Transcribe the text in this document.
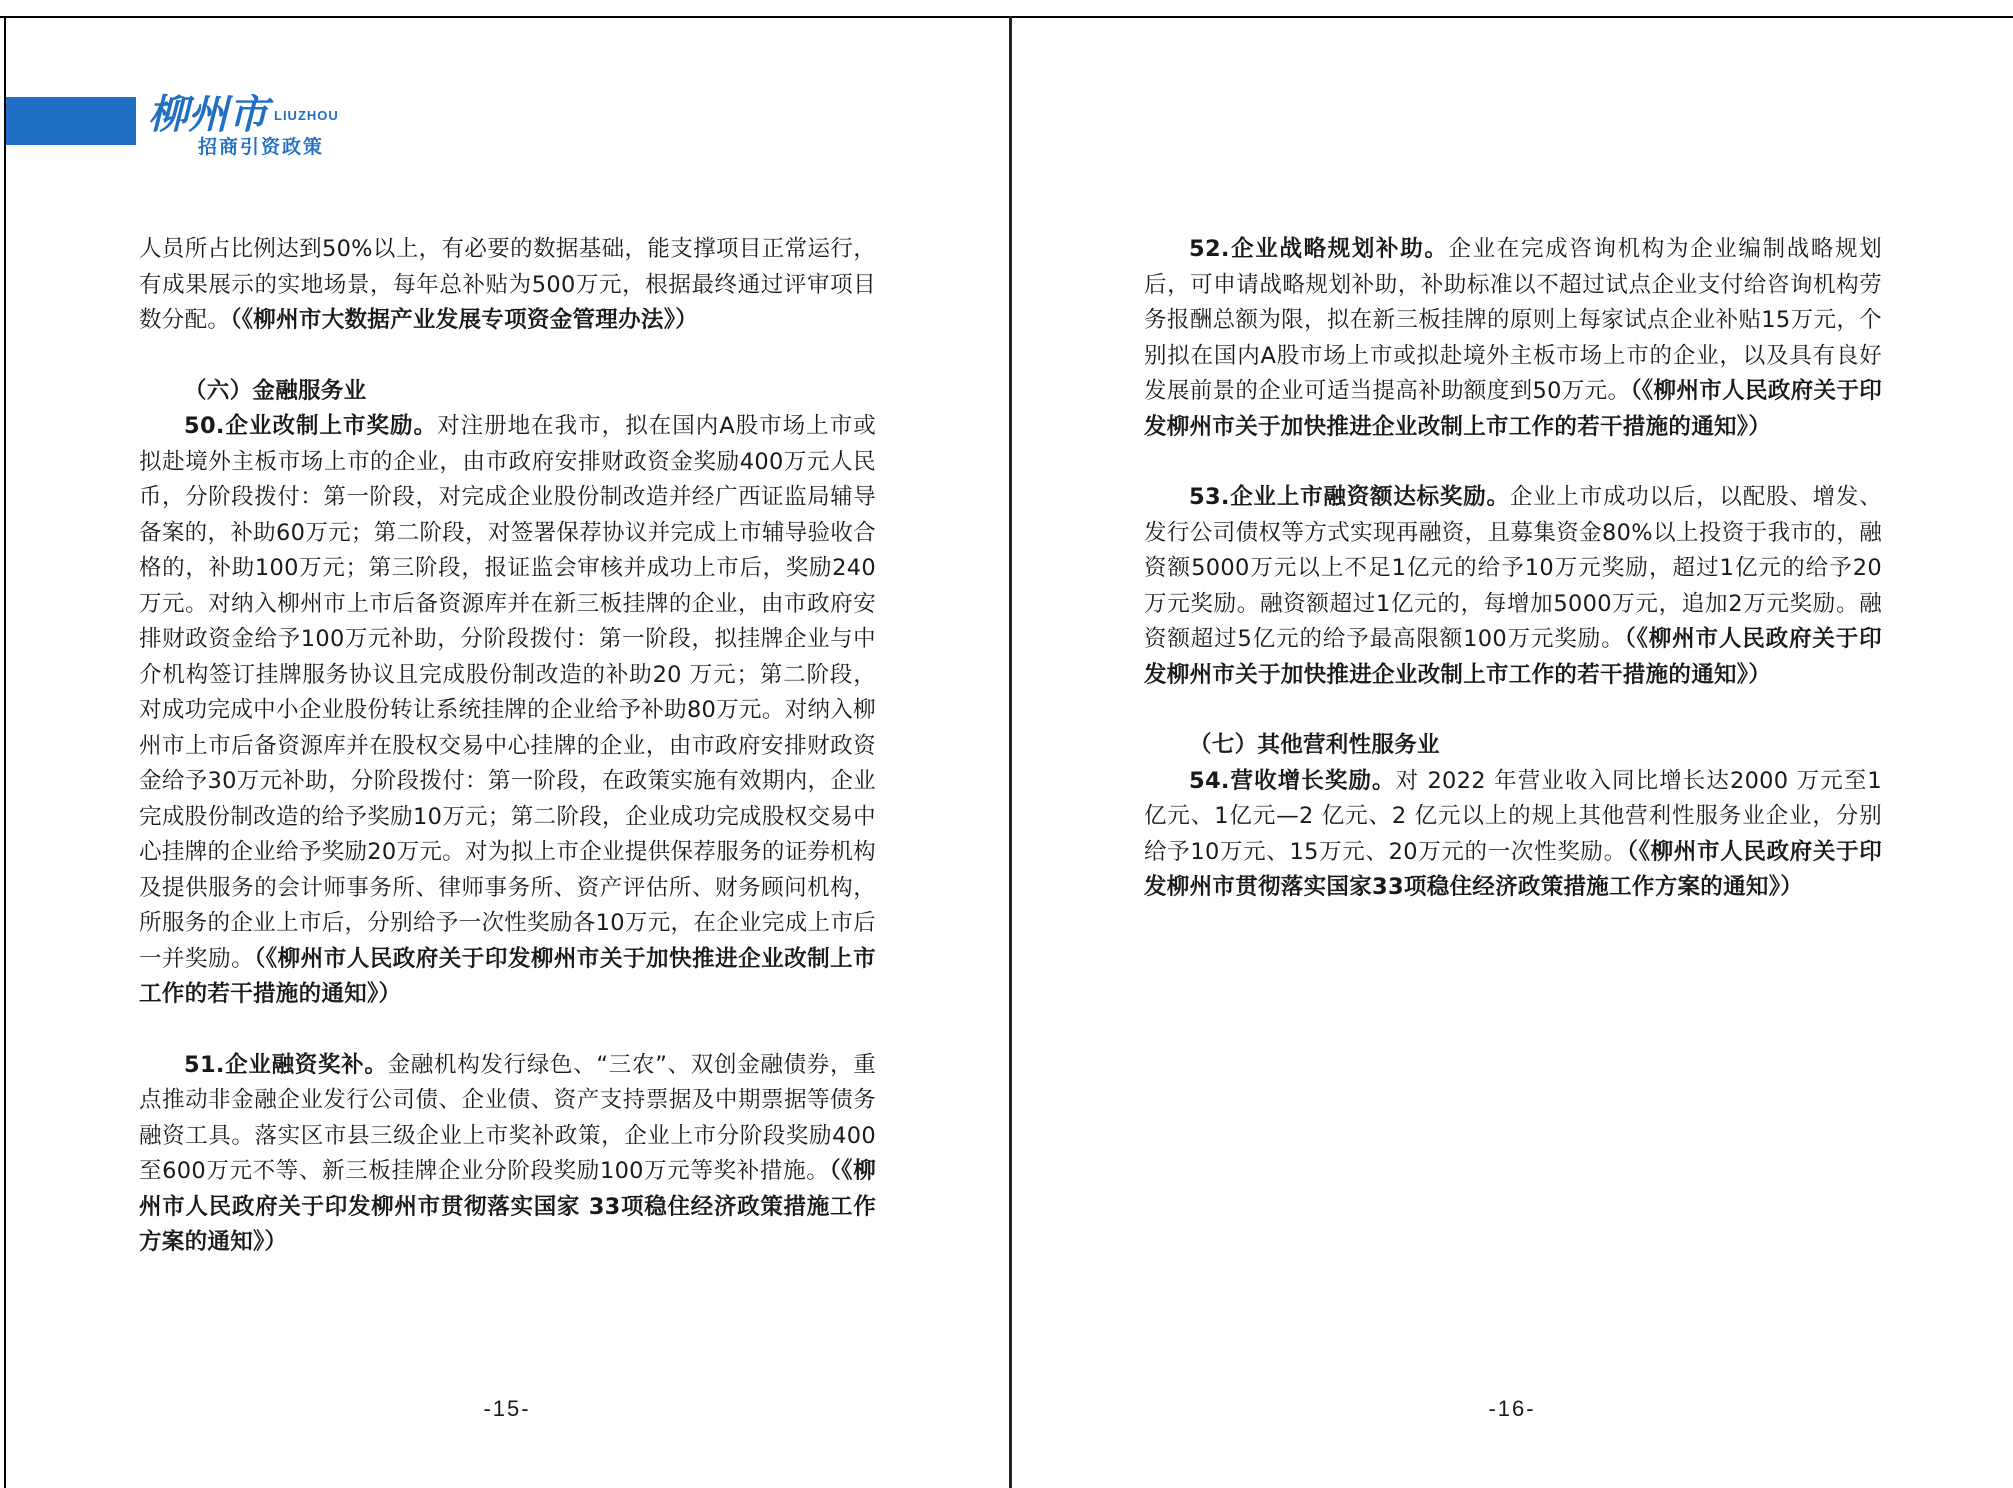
柳州市 LIUZHOU
招商引资政策

人员所占比例达到50%以上，有必要的数据基础，能支撑项目正常运行，有成果展示的实地场景，每年总补贴为500万元，根据最终通过评审项目数分配。（《柳州市大数据产业发展专项资金管理办法》）

（六）金融服务业

50.企业改制上市奖励。对注册地在我市，拟在国内A股市场上市或拟赴境外主板市场上市的企业，由市政府安排财政资金奖励400万元人民币，分阶段拨付：第一阶段，对完成企业股份制改造并经广西证监局辅导备案的，补助60万元；第二阶段，对签署保荐协议并完成上市辅导验收合格的，补助100万元；第三阶段，报证监会审核并成功上市后，奖励240万元。对纳入柳州市上市后备资源库并在新三板挂牌的企业，由市政府安排财政资金给予100万元补助，分阶段拨付：第一阶段，拟挂牌企业与中介机构签订挂牌服务协议且完成股份制改造的补助20 万元；第二阶段，对成功完成中小企业股份转让系统挂牌的企业给予补助80万元。对纳入柳州市上市后备资源库并在股权交易中心挂牌的企业，由市政府安排财政资金给予30万元补助，分阶段拨付：第一阶段，在政策实施有效期内，企业完成股份制改造的给予奖励10万元；第二阶段，企业成功完成股权交易中心挂牌的企业给予奖励20万元。对为拟上市企业提供保荐服务的证券机构及提供服务的会计师事务所、律师事务所、资产评估所、财务顾问机构，所服务的企业上市后，分别给予一次性奖励各10万元，在企业完成上市后一并奖励。（《柳州市人民政府关于印发柳州市关于加快推进企业改制上市工作的若干措施的通知》）

51.企业融资奖补。金融机构发行绿色、“三农”、双创金融债券，重点推动非金融企业发行公司债、企业债、资产支持票据及中期票据等债务融资工具。落实区市县三级企业上市奖补政策，企业上市分阶段奖励400至600万元不等、新三板挂牌企业分阶段奖励100万元等奖补措施。（《柳州市人民政府关于印发柳州市贯彻落实国家 33项稳住经济政策措施工作方案的通知》）

-15-

52.企业战略规划补助。企业在完成咨询机构为企业编制战略规划后，可申请战略规划补助，补助标准以不超过试点企业支付给咨询机构劳务报酬总额为限，拟在新三板挂牌的原则上每家试点企业补贴15万元，个别拟在国内A股市场上市或拟赴境外主板市场上市的企业，以及具有良好发展前景的企业可适当提高补助额度到50万元。（《柳州市人民政府关于印发柳州市关于加快推进企业改制上市工作的若干措施的通知》）

53.企业上市融资额达标奖励。企业上市成功以后，以配股、增发、发行公司债权等方式实现再融资，且募集资金80%以上投资于我市的，融资额5000万元以上不足1亿元的给予10万元奖励，超过1亿元的给予20万元奖励。融资额超过1亿元的，每增加5000万元，追加2万元奖励。融资额超过5亿元的给予最高限额100万元奖励。（《柳州市人民政府关于印发柳州市关于加快推进企业改制上市工作的若干措施的通知》）

（七）其他营利性服务业

54.营收增长奖励。对 2022 年营业收入同比增长达2000 万元至1亿元、1亿元—2 亿元、2 亿元以上的规上其他营利性服务业企业，分别给予10万元、15万元、20万元的一次性奖励。（《柳州市人民政府关于印发柳州市贯彻落实国家33项稳住经济政策措施工作方案的通知》）

-16-
